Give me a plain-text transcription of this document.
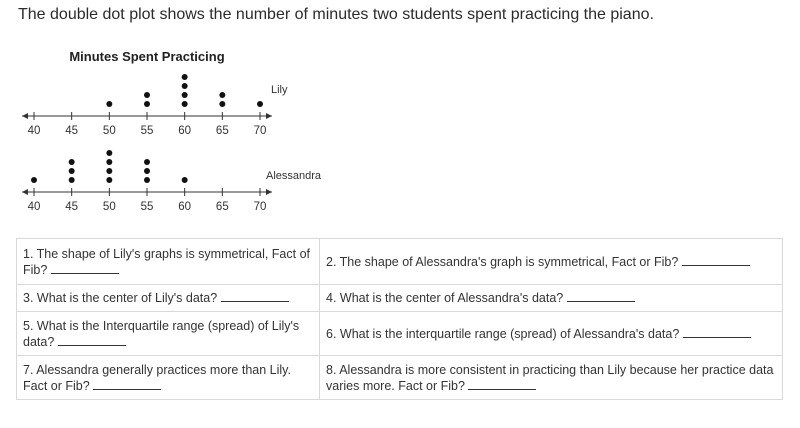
The double dot plot shows the number of minutes two students spent practicing the piano.
Minutes Spent Practicing
40 45 50 55 60 65 70
40 45 50 55 60 65 70
Lily
Alessandra
1. The shape of Lily's graphs is symmetrical, Fact of Fib?	2. The shape of Alessandra's graph is symmetrical, Fact or Fib?
3. What is the center of Lily's data?	4. What is the center of Alessandra's data?
5. What is the Interquartile range (spread) of Lily's data?	6. What is the interquartile range (spread) of Alessandra's data?
7. Alessandra generally practices more than Lily. Fact or Fib?	8. Alessandra is more consistent in practicing than Lily because her practice data varies more. Fact or Fib?
